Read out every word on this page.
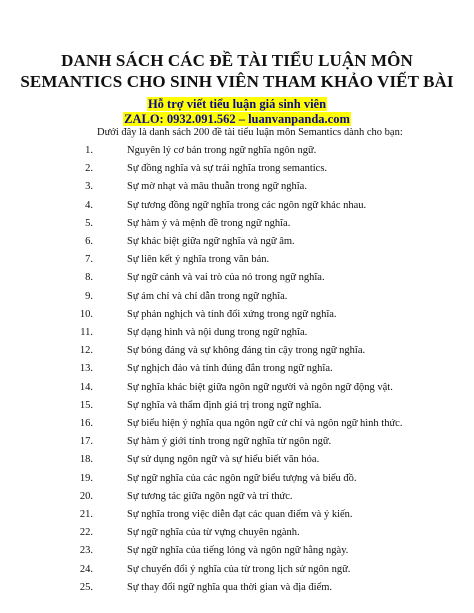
DANH SÁCH CÁC ĐỀ TÀI TIỂU LUẬN MÔN
SEMANTICS CHO SINH VIÊN THAM KHẢO VIẾT BÀI
Hỗ trợ viết tiểu luận giá sinh viên
ZALO: 0932.091.562 – luanvanpanda.com
Dưới đây là danh sách 200 đề tài tiểu luận môn Semantics dành cho bạn:
1.	Nguyên lý cơ bản trong ngữ nghĩa ngôn ngữ.
2.	Sự đồng nghĩa và sự trái nghĩa trong semantics.
3.	Sự mờ nhạt và mâu thuẫn trong ngữ nghĩa.
4.	Sự tương đồng ngữ nghĩa trong các ngôn ngữ khác nhau.
5.	Sự hàm ý và mệnh đề trong ngữ nghĩa.
6.	Sự khác biệt giữa ngữ nghĩa và ngữ âm.
7.	Sự liên kết ý nghĩa trong văn bản.
8.	Sự ngữ cảnh và vai trò của nó trong ngữ nghĩa.
9.	Sự ám chỉ và chỉ dẫn trong ngữ nghĩa.
10.	Sự phản nghịch và tính đối xứng trong ngữ nghĩa.
11.	Sự dạng hình và nội dung trong ngữ nghĩa.
12.	Sự bóng đáng và sự không đáng tin cậy trong ngữ nghĩa.
13.	Sự nghịch đảo và tính đúng đắn trong ngữ nghĩa.
14.	Sự nghĩa khác biệt giữa ngôn ngữ người và ngôn ngữ động vật.
15.	Sự nghĩa và thẩm định giá trị trong ngữ nghĩa.
16.	Sự biểu hiện ý nghĩa qua ngôn ngữ cử chỉ và ngôn ngữ hình thức.
17.	Sự hàm ý giới tính trong ngữ nghĩa từ ngôn ngữ.
18.	Sự sử dụng ngôn ngữ và sự hiểu biết văn hóa.
19.	Sự ngữ nghĩa của các ngôn ngữ biểu tượng và biểu đồ.
20.	Sự tương tác giữa ngôn ngữ và trí thức.
21.	Sự nghĩa trong việc diễn đạt các quan điểm và ý kiến.
22.	Sự ngữ nghĩa của từ vựng chuyên ngành.
23.	Sự ngữ nghĩa của tiếng lóng và ngôn ngữ hằng ngày.
24.	Sự chuyển đổi ý nghĩa của từ trong lịch sử ngôn ngữ.
25.	Sự thay đổi ngữ nghĩa qua thời gian và địa điểm.
